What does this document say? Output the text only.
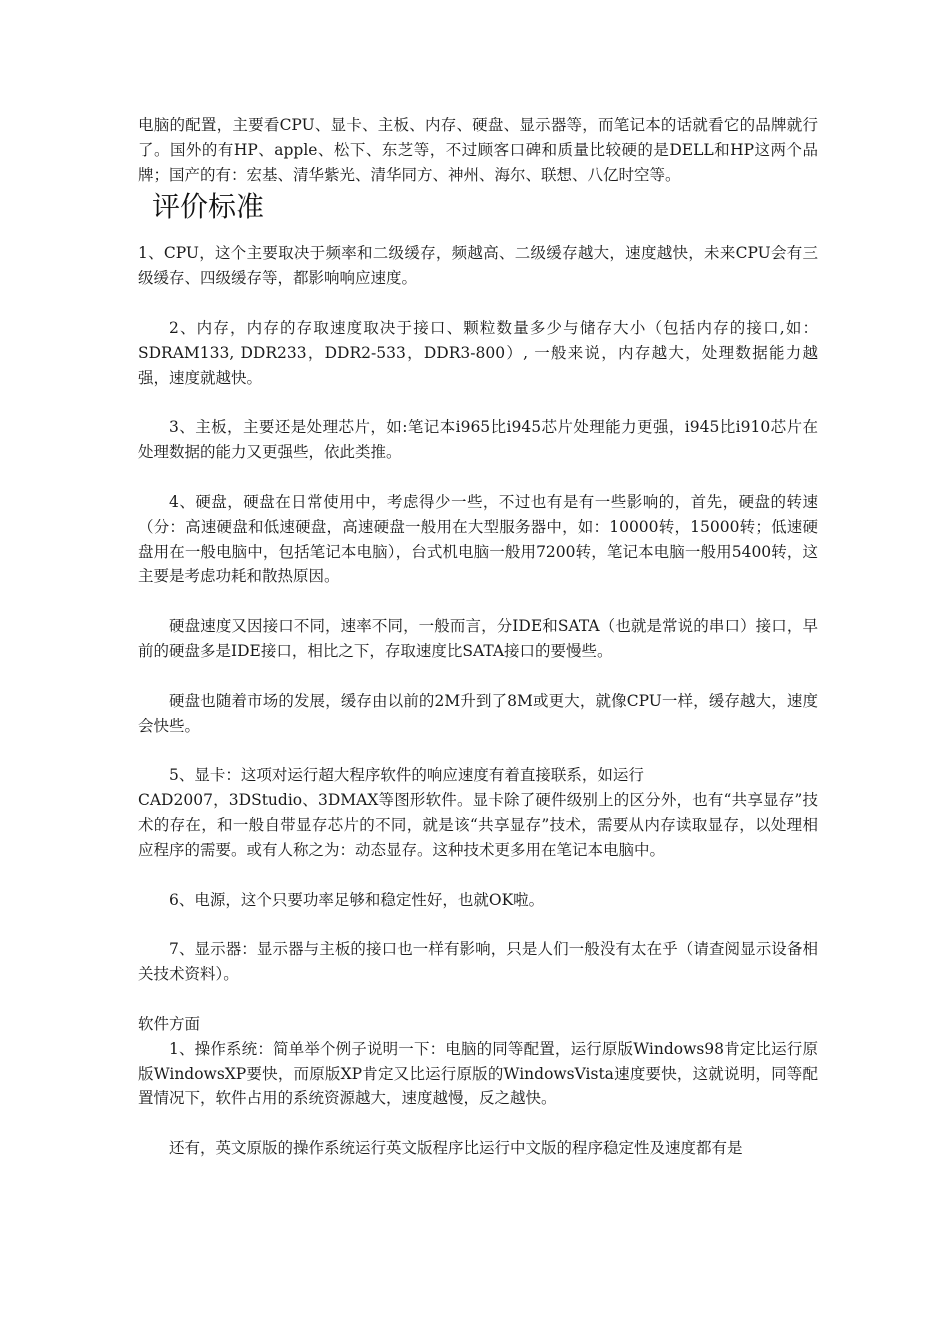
电脑的配置，主要看CPU、显卡、主板、内存、硬盘、显示器等，而笔记本的话就看它的品牌就行了。国外的有HP、apple、松下、东芝等，不过顾客口碑和质量比较硬的是DELL和HP这两个品牌；国产的有：宏基、清华紫光、清华同方、神州、海尔、联想、八亿时空等。

评价标准

1、CPU，这个主要取决于频率和二级缓存，频越高、二级缓存越大，速度越快，未来CPU会有三级缓存、四级缓存等，都影响响应速度。

2、内存，内存的存取速度取决于接口、颗粒数量多少与储存大小（包括内存的接口,如：SDRAM133, DDR233，DDR2-533，DDR3-800）, 一般来说，内存越大，处理数据能力越强，速度就越快。

3、主板，主要还是处理芯片，如:笔记本i965比i945芯片处理能力更强，i945比i910芯片在处理数据的能力又更强些，依此类推。

4、硬盘，硬盘在日常使用中，考虑得少一些，不过也有是有一些影响的，首先，硬盘的转速（分：高速硬盘和低速硬盘，高速硬盘一般用在大型服务器中，如：10000转，15000转；低速硬盘用在一般电脑中，包括笔记本电脑），台式机电脑一般用7200转，笔记本电脑一般用5400转，这主要是考虑功耗和散热原因。

硬盘速度又因接口不同，速率不同，一般而言，分IDE和SATA（也就是常说的串口）接口，早前的硬盘多是IDE接口，相比之下，存取速度比SATA接口的要慢些。

硬盘也随着市场的发展，缓存由以前的2M升到了8M或更大，就像CPU一样，缓存越大，速度会快些。

5、显卡：这项对运行超大程序软件的响应速度有着直接联系，如运行

CAD2007，3DStudio、3DMAX等图形软件。显卡除了硬件级别上的区分外，也有“共享显存”技术的存在，和一般自带显存芯片的不同，就是该“共享显存”技术，需要从内存读取显存，以处理相应程序的需要。或有人称之为：动态显存。这种技术更多用在笔记本电脑中。

6、电源，这个只要功率足够和稳定性好，也就OK啦。

7、显示器：显示器与主板的接口也一样有影响，只是人们一般没有太在乎（请查阅显示设备相关技术资料）。

软件方面

1、操作系统：简单举个例子说明一下：电脑的同等配置，运行原版Windows98肯定比运行原版WindowsXP要快，而原版XP肯定又比运行原版的WindowsVista速度要快，这就说明，同等配置情况下，软件占用的系统资源越大，速度越慢，反之越快。

还有，英文原版的操作系统运行英文版程序比运行中文版的程序稳定性及速度都有是
